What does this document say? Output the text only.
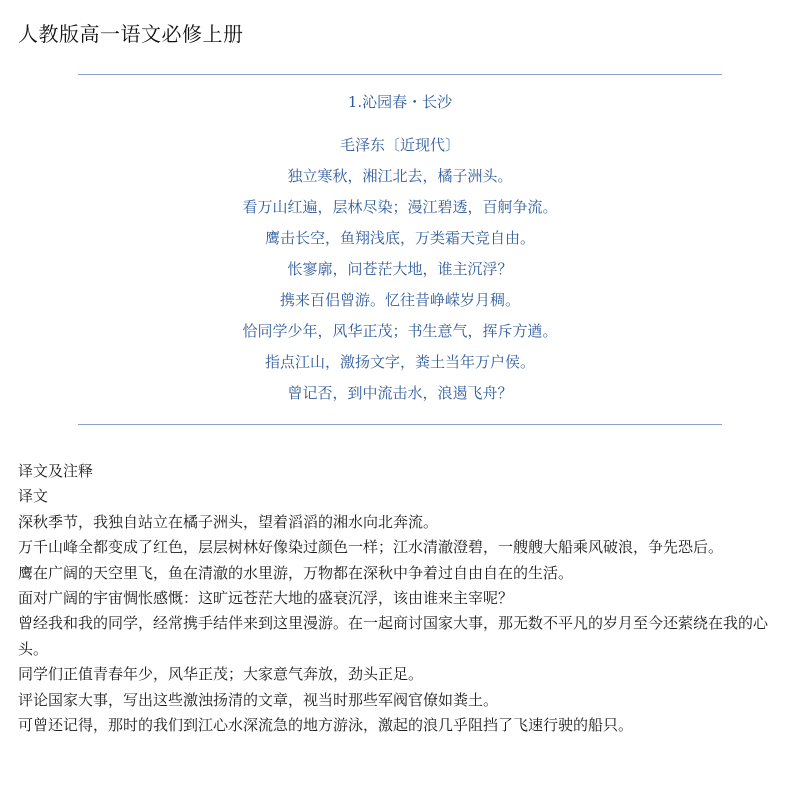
人教版高一语文必修上册
1.沁园春・长沙
毛泽东〔近现代〕
独立寒秋，湘江北去，橘子洲头。
看万山红遍，层林尽染；漫江碧透，百舸争流。
鹰击长空，鱼翔浅底，万类霜天竞自由。
怅寥廓，问苍茫大地，谁主沉浮？
携来百侣曾游。忆往昔峥嵘岁月稠。
恰同学少年，风华正茂；书生意气，挥斥方遒。
指点江山，激扬文字，粪土当年万户侯。
曾记否，到中流击水，浪遏飞舟？
译文及注释
译文
深秋季节，我独自站立在橘子洲头，望着滔滔的湘水向北奔流。
万千山峰全都变成了红色，层层树林好像染过颜色一样；江水清澈澄碧，一艘艘大船乘风破浪，争先恐后。
鹰在广阔的天空里飞，鱼在清澈的水里游，万物都在深秋中争着过自由自在的生活。
面对广阔的宇宙惆怅感慨：这旷远苍茫大地的盛衰沉浮，该由谁来主宰呢？
曾经我和我的同学，经常携手结伴来到这里漫游。在一起商讨国家大事，那无数不平凡的岁月至今还萦绕在我的心头。
同学们正值青春年少，风华正茂；大家意气奔放，劲头正足。
评论国家大事，写出这些激浊扬清的文章，视当时那些军阀官僚如粪土。
可曾还记得，那时的我们到江心水深流急的地方游泳，激起的浪几乎阻挡了飞速行驶的船只。
